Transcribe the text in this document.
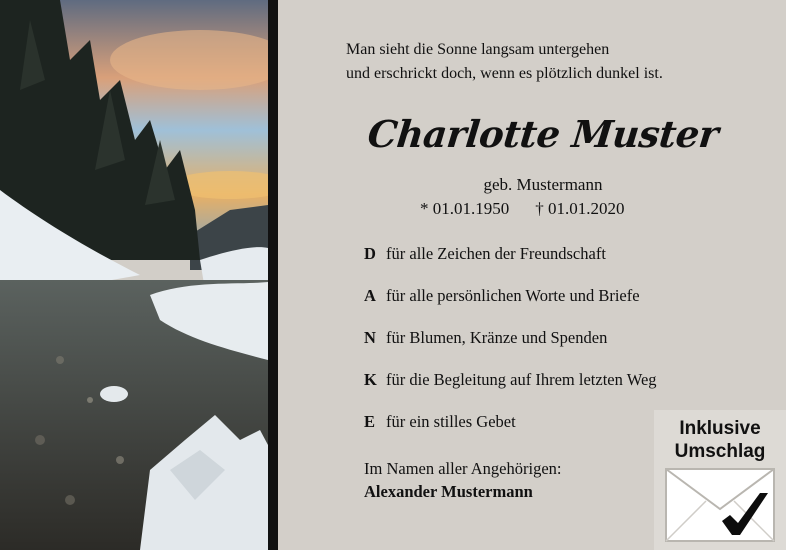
Man sieht die Sonne langsam untergehen
und erschrickt doch, wenn es plötzlich dunkel ist.
Charlotte Muster
geb. Mustermann
* 01.01.1950 † 01.01.2020
D für alle Zeichen der Freundschaft
A für alle persönlichen Worte und Briefe
N für Blumen, Kränze und Spenden
K für die Begleitung auf Ihrem letzten Weg
E für ein stilles Gebet
Im Namen aller Angehörigen:
Alexander Mustermann
Inklusive
Umschlag
